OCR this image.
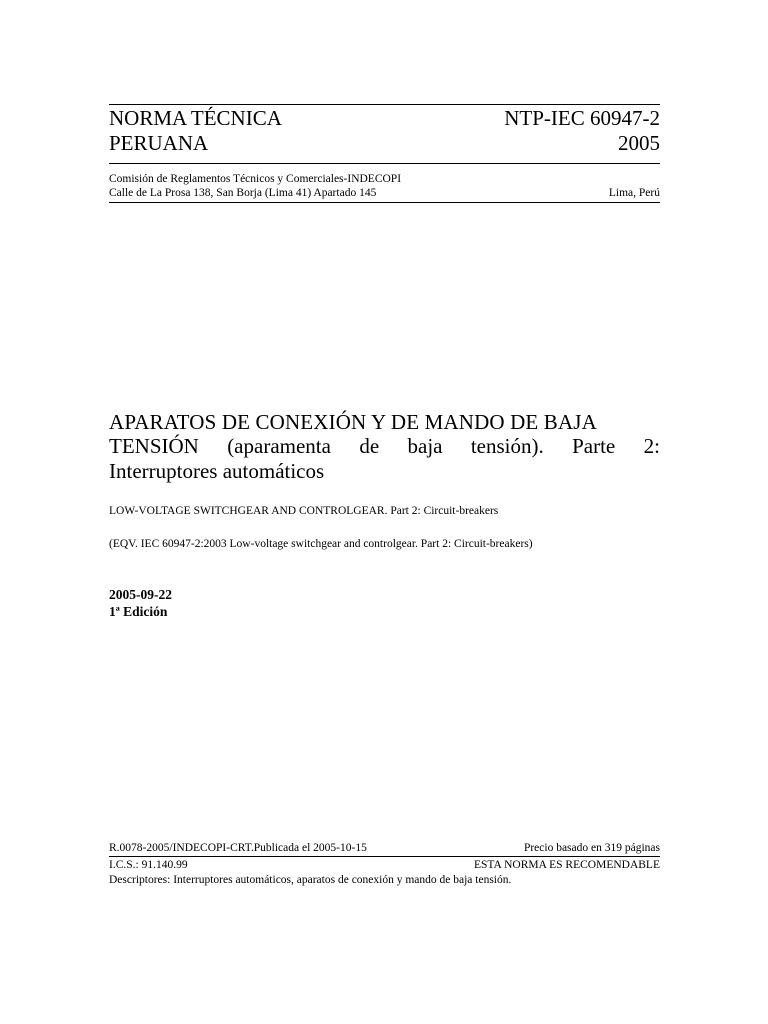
NORMA TÉCNICA	NTP-IEC 60947-2
PERUANA	2005
Comisión de Reglamentos Técnicos y Comerciales-INDECOPI
Calle de La Prosa 138, San Borja (Lima 41) Apartado 145	Lima, Perú
APARATOS DE CONEXIÓN Y DE MANDO DE BAJA
TENSIÓN (aparamenta de baja tensión). Parte 2:
Interruptores automáticos
LOW-VOLTAGE SWITCHGEAR AND CONTROLGEAR. Part 2: Circuit-breakers
(EQV. IEC 60947-2:2003 Low-voltage switchgear and controlgear. Part 2: Circuit-breakers)
2005-09-22
1ª Edición
R.0078-2005/INDECOPI-CRT.Publicada el 2005-10-15	Precio basado en 319 páginas
I.C.S.: 91.140.99	ESTA NORMA ES RECOMENDABLE
Descriptores: Interruptores automáticos, aparatos de conexión y mando de baja tensión.
